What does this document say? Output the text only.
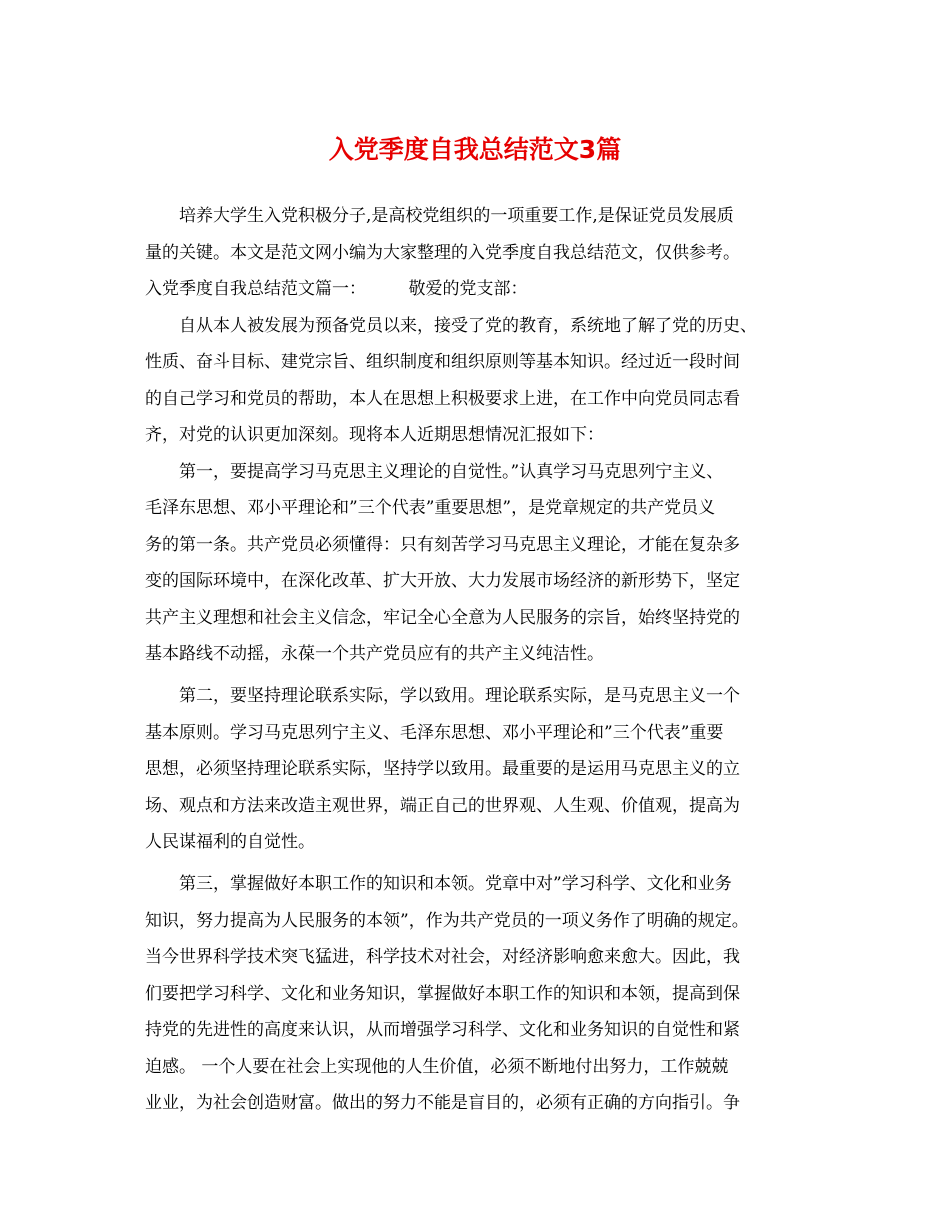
入党季度自我总结范文3篇

培养大学生入党积极分子,是高校党组织的一项重要工作,是保证党员发展质

量的关键。本文是范文网小编为大家整理的入党季度自我总结范文，仅供参考。

入党季度自我总结范文篇一：　　　敬爱的党支部：

自从本人被发展为预备党员以来，接受了党的教育，系统地了解了党的历史、

性质、奋斗目标、建党宗旨、组织制度和组织原则等基本知识。经过近一段时间

的自己学习和党员的帮助，本人在思想上积极要求上进，在工作中向党员同志看

齐，对党的认识更加深刻。现将本人近期思想情况汇报如下：

第一，要提高学习马克思主义理论的自觉性。”认真学习马克思列宁主义、

毛泽东思想、邓小平理论和”三个代表”重要思想”，是党章规定的共产党员义

务的第一条。共产党员必须懂得：只有刻苦学习马克思主义理论，才能在复杂多

变的国际环境中，在深化改革、扩大开放、大力发展市场经济的新形势下，坚定

共产主义理想和社会主义信念，牢记全心全意为人民服务的宗旨，始终坚持党的

基本路线不动摇，永葆一个共产党员应有的共产主义纯洁性。

第二，要坚持理论联系实际，学以致用。理论联系实际，是马克思主义一个

基本原则。学习马克思列宁主义、毛泽东思想、邓小平理论和”三个代表”重要

思想，必须坚持理论联系实际，坚持学以致用。最重要的是运用马克思主义的立

场、观点和方法来改造主观世界，端正自己的世界观、人生观、价值观，提高为

人民谋福利的自觉性。

第三，掌握做好本职工作的知识和本领。党章中对”学习科学、文化和业务

知识，努力提高为人民服务的本领”，作为共产党员的一项义务作了明确的规定。

当今世界科学技术突飞猛进，科学技术对社会，对经济影响愈来愈大。因此，我

们要把学习科学、文化和业务知识，掌握做好本职工作的知识和本领，提高到保

持党的先进性的高度来认识，从而增强学习科学、文化和业务知识的自觉性和紧

迫感。 一个人要在社会上实现他的人生价值，必须不断地付出努力，工作兢兢

业业，为社会创造财富。做出的努力不能是盲目的，必须有正确的方向指引。争
